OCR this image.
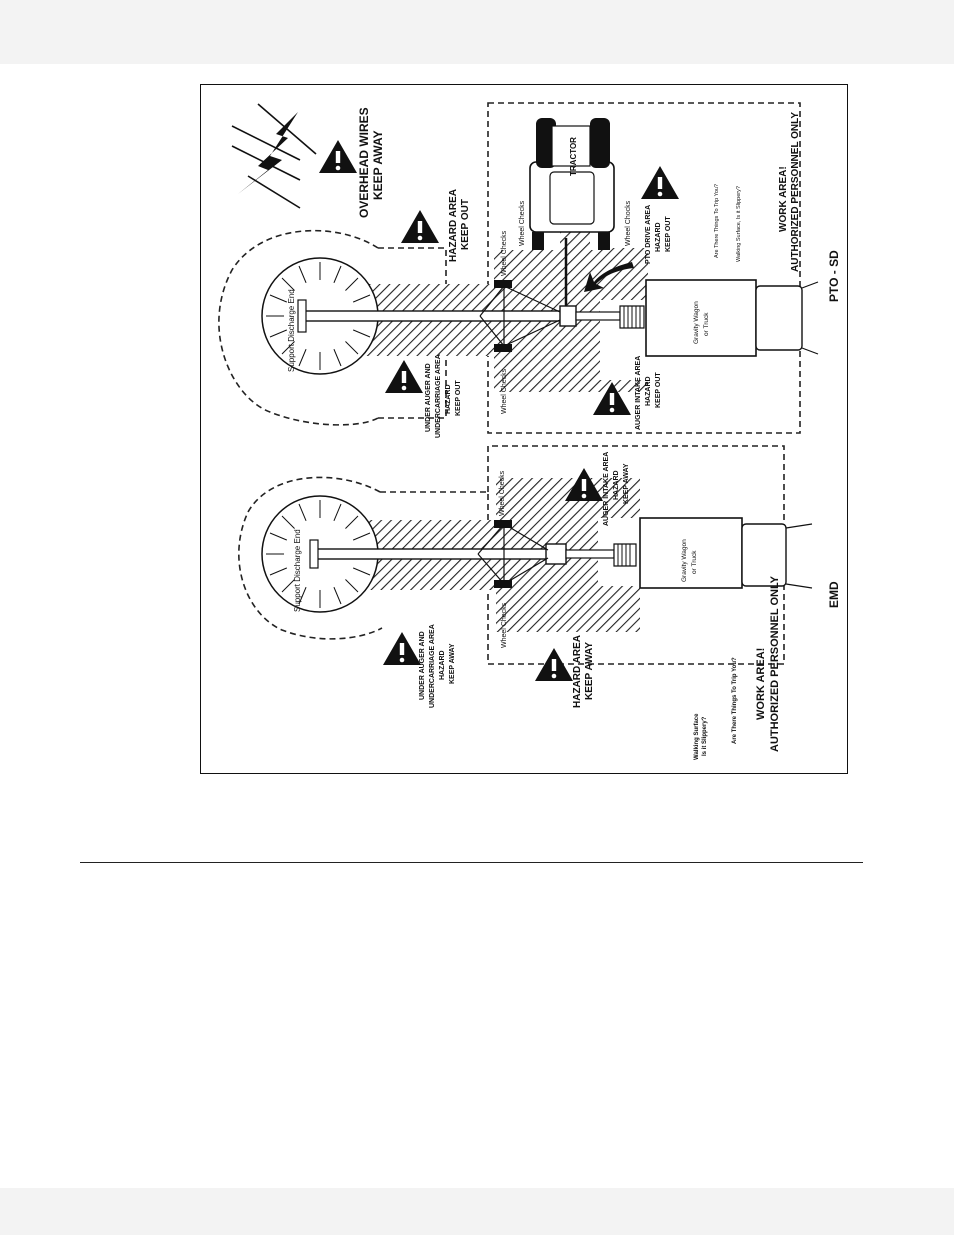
OVERHEAD WIRES KEEP AWAY
HAZARD AREA KEEP OUT
TRACTOR
Wheel Checks
Wheel Checks	Wheel Chocks
Wheel Checks
PTO DRIVE AREA HAZARD KEEP OUT	Are There Things To Trip You?	Walking Surface, Is it Slippery?	WORK AREA! AUTHORIZED PERSONNEL ONLY
Support Discharge End
UNDER AUGER AND UNDERCARRIAGE AREA HAZARD KEEP OUT	AUGER INTAKE AREA HAZARD KEEP OUT
Gravity Wagon or Truck
PTO - SD
Support Discharge End
Wheel Checks
Wheel Checks
AUGER INTAKE AREA HAZARD KEEP AWAY
Gravity Wagon or Truck
UNDER AUGER AND UNDERCARRIAGE AREA HAZARD KEEP AWAY	HAZARD AREA KEEP AWAY
Walking Surface Is it Slippery?	Are There Things To Trip You? WORK AREA! AUTHORIZED PERSONNEL ONLY	EMD
